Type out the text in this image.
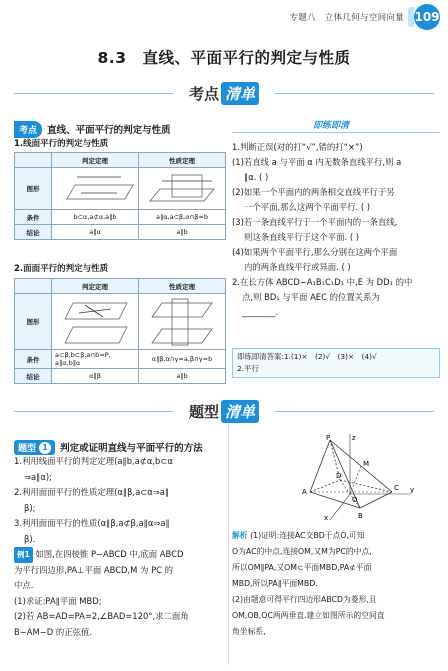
专题八　立体几何与空间向量 109
8.3　直线、平面平行的判定与性质
考点 清单
考点 直线、平面平行的判定与性质
1.线面平行的判定与性质
	判定定理	性质定理
图形	

条件	b⊂α,a⊄α,a∥b	a∥α,a⊂β,α∩β=b
结论	a∥α	a∥b
2.面面平行的判定与性质
	判定定理	性质定理
图形	

条件	a⊂β,b⊂β,a∩b=P,
a∥α,b∥α	α∥β,α∩γ=a,β∩γ=b
结论	α∥β	a∥b
即练即清
1.判断正误(对的打“√”,错的打“×”)
(1)若直线 a 与平面 α 内无数条直线平行,则 a
∥α. ( )
(2)如果一个平面内的两条相交直线平行于另
一个平面,那么这两个平面平行. ( )
(3)若一条直线平行于一个平面内的一条直线,
则这条直线平行于这个平面. ( )
(4)如果两个平面平行,那么分别在这两个平面
内的两条直线平行或异面. ( )
2.在长方体 ABCD−A₁B₁C₁D₁ 中,E 为 DD₁ 的中
点,则 BD₁ 与平面 AEC 的位置关系为
________.
即练即清答案:1.(1)×　(2)√　(3)×　(4)√
2.平行
题型 清单
题型 1	判定或证明直线与平面平行的方法
1.利用线面平行的判定定理(a∥b,a⊄α,b⊂α
⇒a∥α);
2.利用面面平行的性质定理(α∥β,a⊂α⇒a∥
β);
3.利用面面平行的性质(α∥β,a⊄β,a∥α⇒a∥
β).
例1 如图,在四棱锥 P−ABCD 中,底面 ABCD
为平行四边形,PA⊥平面 ABCD,M 为 PC 的
中点.
(1)求证:PA∥平面 MBD;
(2)若 AB=AD=PA=2,∠BAD=120°,求二面角
B−AM−D 的正弦值.
P
M
A
B
C
D
O
x
y
z
解析 (1)证明:连接AC交BD于点O,可知
O为AC的中点,连接OM,又M为PC的中点,
所以OM∥PA,又OM⊂平面MBD,PA⊄平面
MBD,所以PA∥平面MBD.
(2)由题意可得平行四边形ABCD为菱形,且
OM,OB,OC两两垂直.建立如图所示的空间直
角坐标系,
